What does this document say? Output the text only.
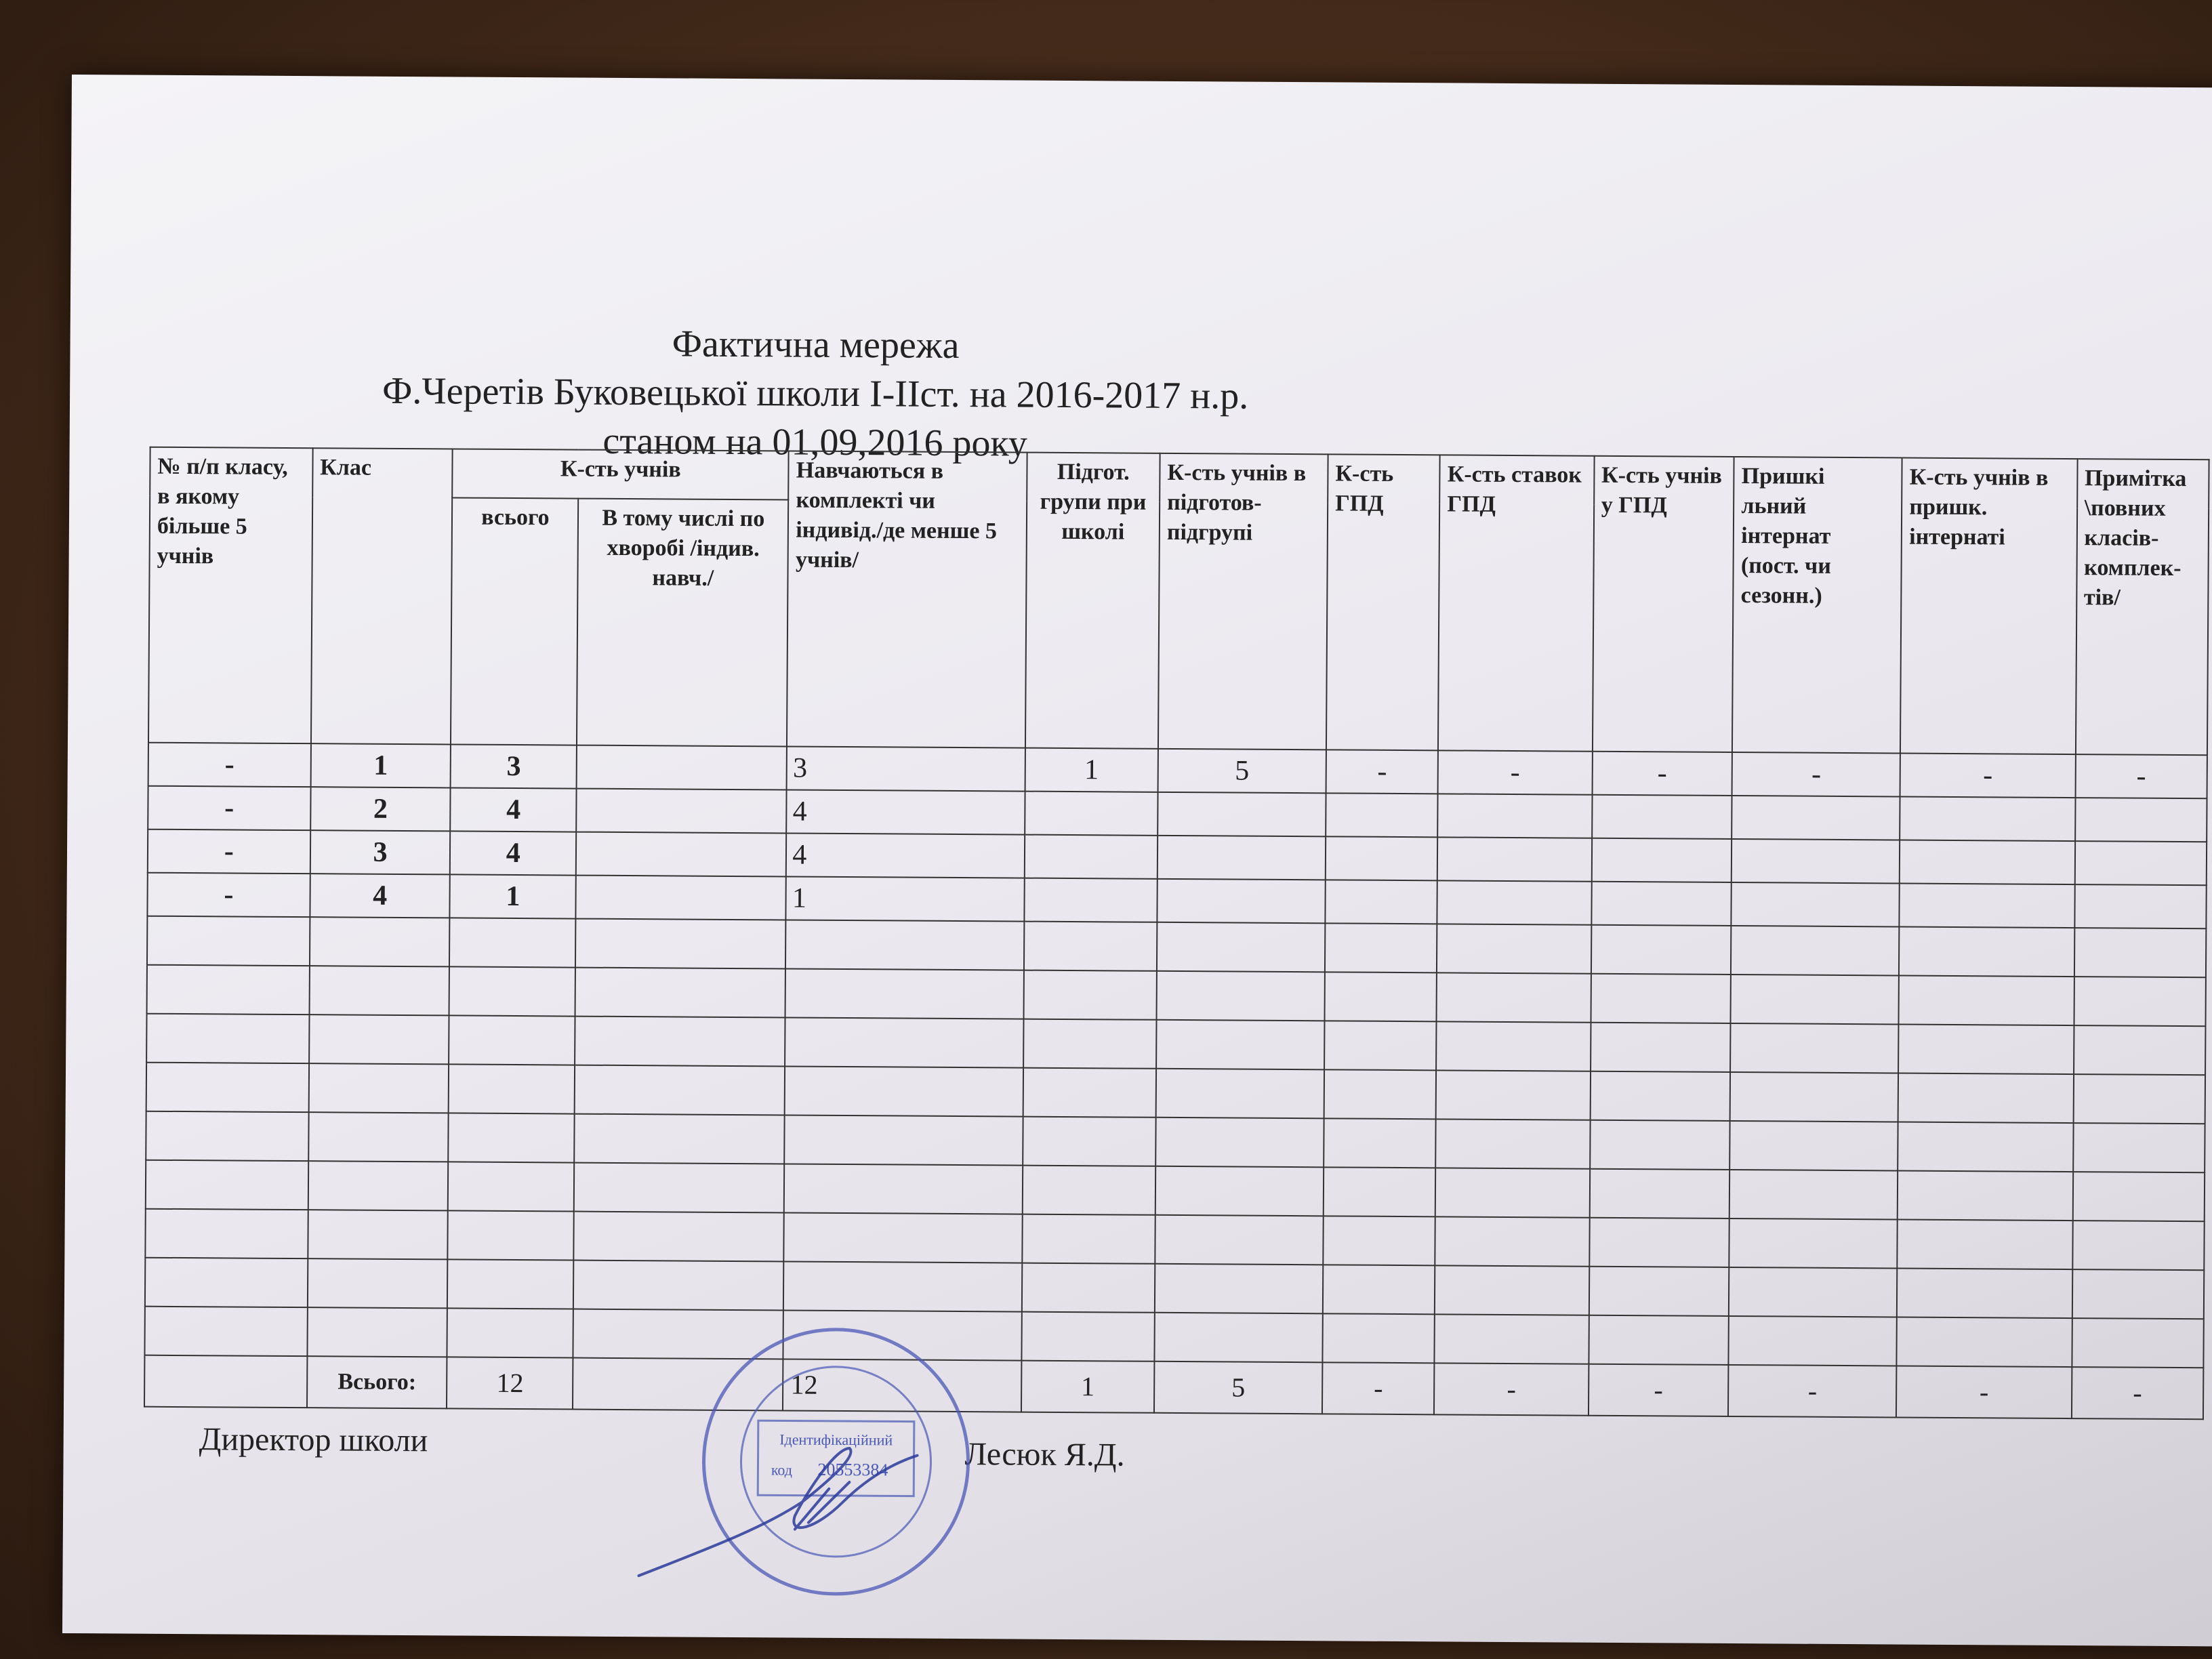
Фактична мережа
Ф.Черетів Буковецької школи І-ІІст. на 2016-2017 н.р.
станом на 01,09,2016 року
№ п/п класу, в якому більше 5 учнів	Клас	К-сть учнів		Навчаються в комплекті чи індивід./де менше 5 учнів/	Підгот. групи при школі	К-сть учнів в підготов-підгрупі	К-сть ГПД	К-сть ставок ГПД	К-сть учнів у ГПД	Пришкі льний інтернат (пост. чи сезонн.)	К-сть учнів в пришк. інтернаті	Примітка \повних класів-комплек-тів/
		всього	В тому числі по хворобі /індив. навч./									
-	1	3		3	1	5	-	-	-	-	-	-
-	2	4		4								
-	3	4		4								
-	4	1		1								

	Всього:	12		12	1	5	-	-	-	-	-	-
Директор школи	Лесюк Я.Д.
Ідентифікаційний
код 20553384
